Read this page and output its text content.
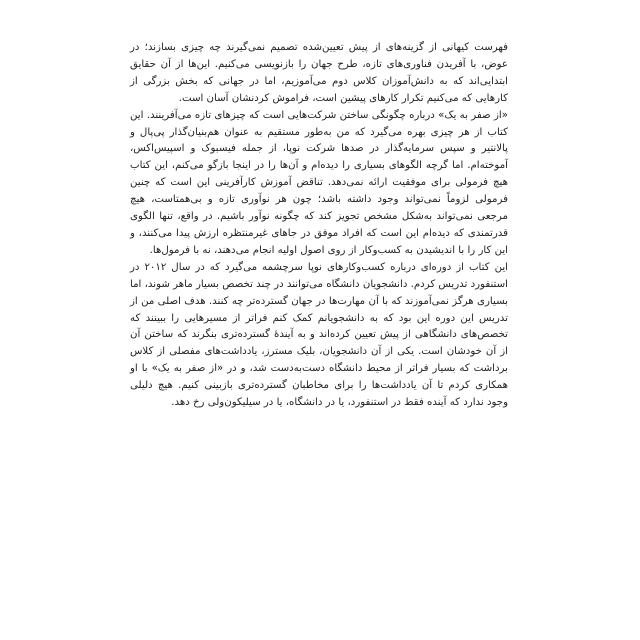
فهرست کیهانی از گزینه‌های از پیش تعیین‌شده تصمیم نمی‌گیرند چه چیزی بسازند؛ در عوض، با آفریدن فناوری‌های تازه، طرح جهان را بازنویسی می‌کنیم. این‌ها از آن حقایق ابتدایی‌اند که به دانش‌آموزان کلاس دوم می‌آموزیم، اما در جهانی که بخش بزرگی از کارهایی که می‌کنیم تکرار کارهای پیشین است، فراموش کردنشان آسان است.

«از صفر به یک» درباره چگونگی ساختن شرکت‌هایی است که چیزهای تازه می‌آفرینند. این کتاب از هر چیزی بهره می‌گیرد که من به‌طور مستقیم به عنوان هم‌بنیان‌گذار پی‌پال و پالانتیر و سپس سرمایه‌گذار در صدها شرکت نوپا، از جمله فیسبوک و اسپیس‌اکس، آموخته‌ام. اما گرچه الگوهای بسیاری را دیده‌ام و آن‌ها را در اینجا بازگو می‌کنم، این کتاب هیچ فرمولی برای موفقیت ارائه نمی‌دهد. تناقض آموزش کارآفرینی این است که چنین فرمولی لزوماً نمی‌تواند وجود داشته باشد؛ چون هر نوآوری تازه و بی‌همتاست، هیچ مرجعی نمی‌تواند به‌شکل مشخص تجویز کند که چگونه نوآور باشیم. در واقع، تنها الگوی قدرتمندی که دیده‌ام این است که افراد موفق در جاهای غیرمنتظره ارزش پیدا می‌کنند، و این کار را با اندیشیدن به کسب‌وکار از روی اصول اولیه انجام می‌دهند، نه با فرمول‌ها.

این کتاب از دوره‌ای درباره کسب‌وکارهای نوپا سرچشمه می‌گیرد که در سال ۲۰۱۲ در استنفورد تدریس کردم. دانشجویان دانشگاه می‌توانند در چند تخصص بسیار ماهر شوند، اما بسیاری هرگز نمی‌آموزند که با آن مهارت‌ها در جهان گسترده‌تر چه کنند. هدف اصلی من از تدریس این دوره این بود که به دانشجویانم کمک کنم فراتر از مسیرهایی را ببینند که تخصص‌های دانشگاهی از پیش تعیین کرده‌اند و به آینده‌ٔ گسترده‌تری بنگرند که ساختن آن از آن خودشان است. یکی از آن دانشجویان، بلیک مسترز، یادداشت‌های مفصلی از کلاس برداشت که بسیار فراتر از محیط دانشگاه دست‌به‌دست شد، و در «از صفر به یک» با او همکاری کردم تا آن یادداشت‌ها را برای مخاطبان گسترده‌تری بازبینی کنیم. هیچ دلیلی وجود ندارد که آینده فقط در استنفورد، یا در دانشگاه، یا در سیلیکون‌ولی رخ دهد.
